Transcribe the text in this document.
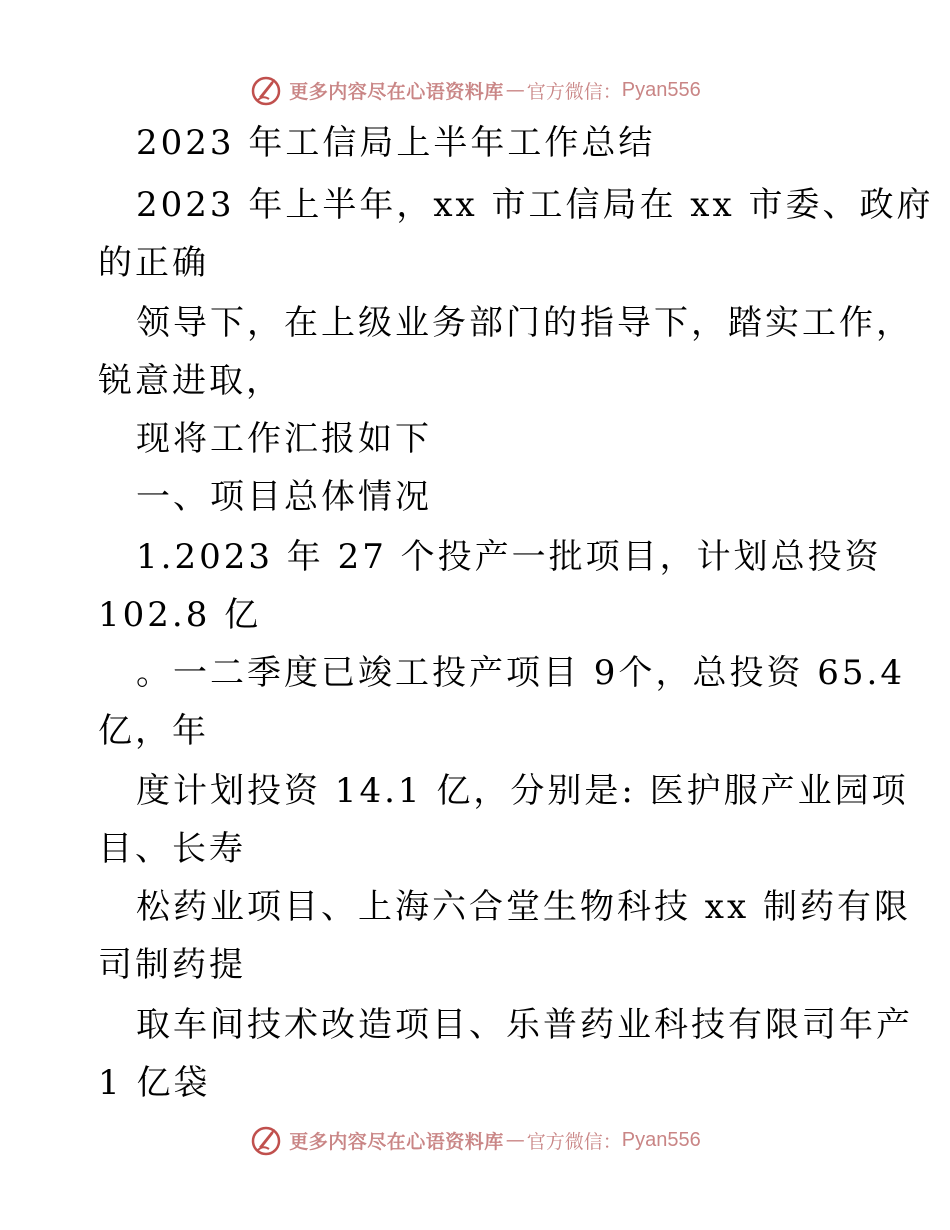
更多内容尽在心语资料库 — 官方微信： Pyan556
2023 年工信局上半年工作总结
2023 年上半年，xx 市工信局在 xx 市委、政府
的正确
领导下，在上级业务部门的指导下，踏实工作，
锐意进取，
现将工作汇报如下
一、项目总体情况
1.2023 年 27 个投产一批项目，计划总投资
102.8 亿
。一二季度已竣工投产项目 9个，总投资 65.4
亿，年
度计划投资 14.1 亿，分别是: 医护服产业园项
目、长寿
松药业项目、上海六合堂生物科技 xx 制药有限
司制药提
取车间技术改造项目、乐普药业科技有限司年产
1 亿袋
更多内容尽在心语资料库 — 官方微信： Pyan556
